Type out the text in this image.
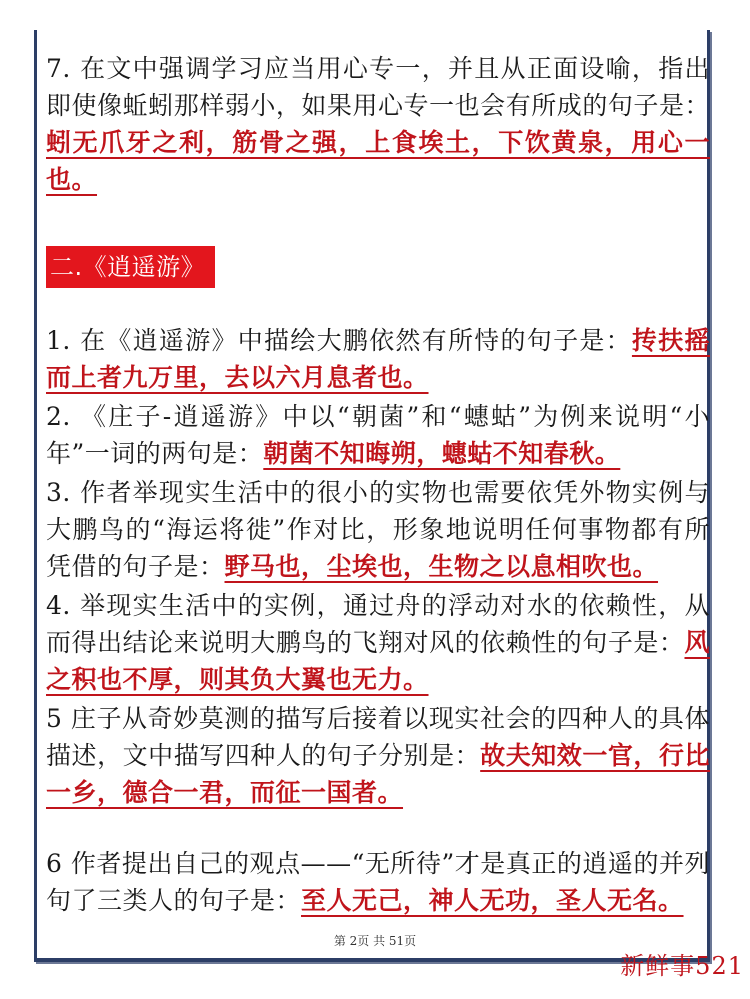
7. 在文中强调学习应当用心专一，并且从正面设喻，指出即使像蚯蚓那样弱小，如果用心专一也会有所成的句子是：蚓无爪牙之利，筋骨之强，上食埃土，下饮黄泉，用心一也。

二.《逍遥游》

1. 在《逍遥游》中描绘大鹏依然有所恃的句子是：抟扶摇而上者九万里，去以六月息者也。

2. 《庄子-逍遥游》中以“朝菌”和“蟪蛄”为例来说明“小年”一词的两句是：朝菌不知晦朔，蟪蛄不知春秋。

3. 作者举现实生活中的很小的实物也需要依凭外物实例与大鹏鸟的“海运将徙”作对比，形象地说明任何事物都有所凭借的句子是：野马也，尘埃也，生物之以息相吹也。

4. 举现实生活中的实例，通过舟的浮动对水的依赖性，从而得出结论来说明大鹏鸟的飞翔对风的依赖性的句子是：风之积也不厚，则其负大翼也无力。

5 庄子从奇妙莫测的描写后接着以现实社会的四种人的具体描述，文中描写四种人的句子分别是：故夫知效一官，行比一乡，德合一君，而征一国者。

6 作者提出自己的观点——“无所待”才是真正的逍遥的并列句了三类人的句子是：至人无己，神人无功，圣人无名。

第 2页 共 51页
新鲜事521
